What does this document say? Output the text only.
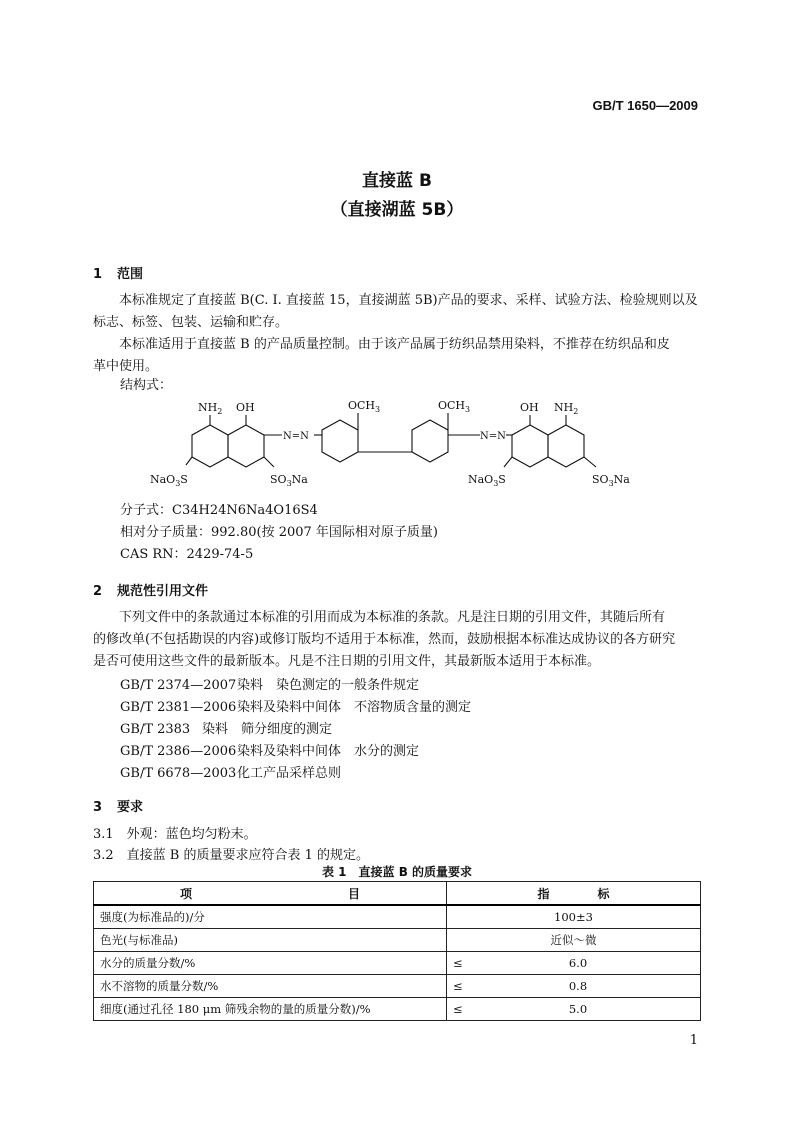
GB/T 1650—2009
直接蓝 B
（直接湖蓝 5B）
1 范围
本标准规定了直接蓝 B(C. I. 直接蓝 15，直接湖蓝 5B)产品的要求、采样、试验方法、检验规则以及
标志、标签、包装、运输和贮存。
本标准适用于直接蓝 B 的产品质量控制。由于该产品属于纺织品禁用染料，不推荐在纺织品和皮
革中使用。
结构式：
$NH_2$ OH
N=N
NaO$_3$S	$SO_3Na$
$OCH_3$	$OCH_3$
N=N
OH $NH_2$
NaO$_3$S	$SO_3Na$
分子式：C34H24N6Na4O16S4
相对分子质量：992.80(按 2007 年国际相对原子质量)
CAS RN：2429-74-5
2 规范性引用文件
下列文件中的条款通过本标准的引用而成为本标准的条款。凡是注日期的引用文件，其随后所有
的修改单(不包括勘误的内容)或修订版均不适用于本标准，然而，鼓励根据本标准达成协议的各方研究
是否可使用这些文件的最新版本。凡是不注日期的引用文件，其最新版本适用于本标准。
GB/T 2374—2007染料　染色测定的一般条件规定
GB/T 2381—2006染料及染料中间体　不溶物质含量的测定
GB/T 2383 染料　筛分细度的测定
GB/T 2386—2006染料及染料中间体　水分的测定
GB/T 6678—2003化工产品采样总则
3 要求
3.1　外观：蓝色均匀粉末。
3.2　直接蓝 B 的质量要求应符合表 1 的规定。
表 1　直接蓝 B 的质量要求
项　　　　　　　　　　　　　目	指　　　　标
强度(为标准品的)/分	100±3
色光(与标准品)	近似～微
水分的质量分数/%	≤ 6.0
水不溶物的质量分数/%	≤ 0.8
细度(通过孔径 180 μm 筛残余物的量的质量分数)/%	≤ 5.0
1
